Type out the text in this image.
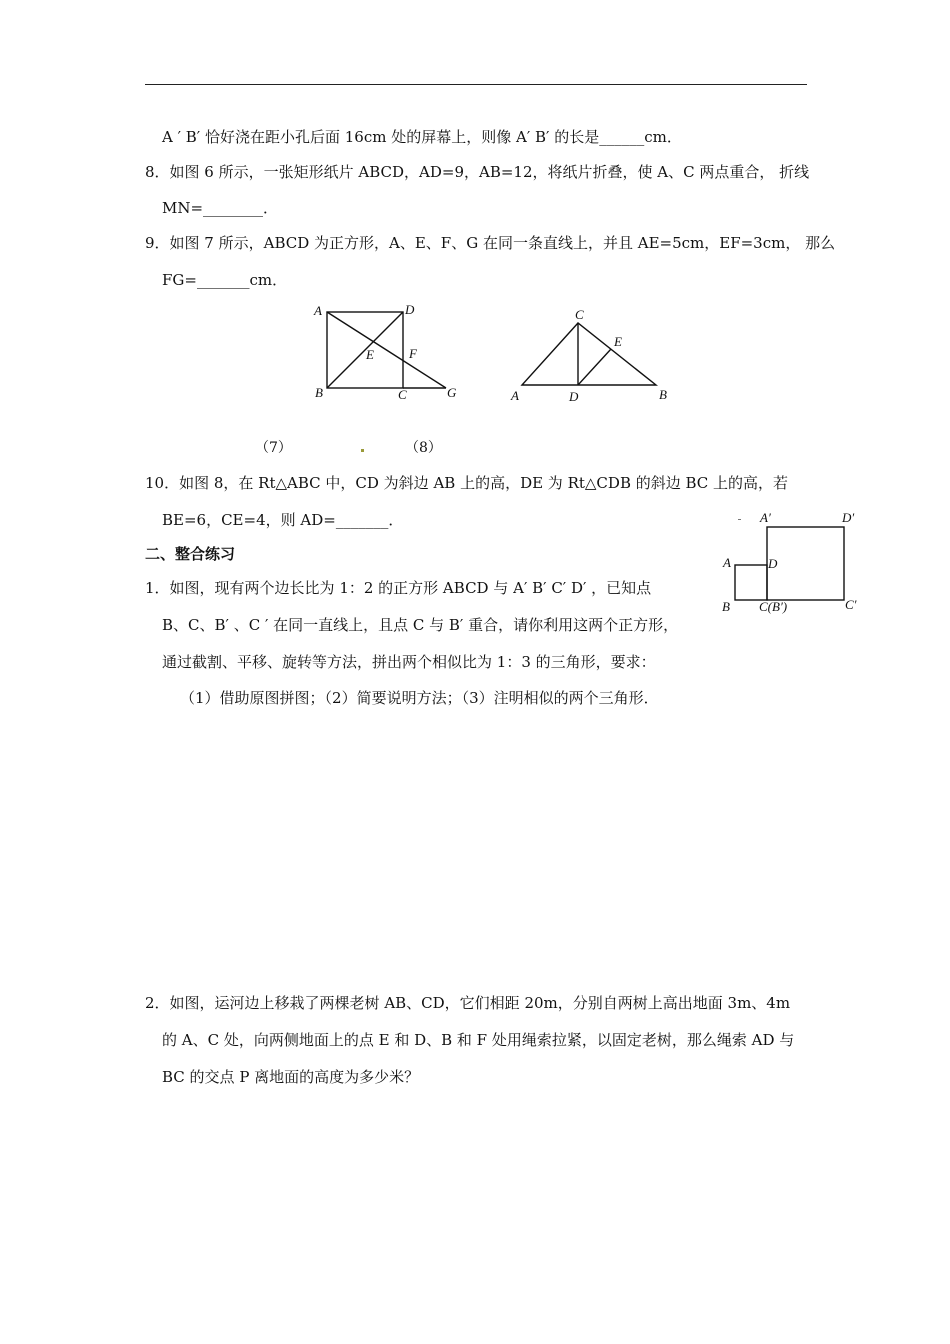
A ′ B′ 恰好浇在距小孔后面 16cm 处的屏幕上，则像 A′ B′ 的长是______cm．
8．如图 6 所示，一张矩形纸片 ABCD，AD=9，AB=12，将纸片折叠，使 A、C 两点重合， 折线
MN=________．
9．如图 7 所示，ABCD 为正方形，A、E、F、G 在同一条直线上，并且 AE=5cm，EF=3cm， 那么
FG=_______cm．
A	D
E	F
B	C	G
C
E
A	D	B
（7）	（8）
10．如图 8，在 Rt△ABC 中，CD 为斜边 AB 上的高，DE 为 Rt△CDB 的斜边 BC 上的高，若
BE=6，CE=4，则 AD=_______．
二、整合练习
1．如图，现有两个边长比为 1：2 的正方形 ABCD 与 A′ B′ C′ D′ ，已知点
B、C、B′ 、C ′ 在同一直线上，且点 C 与 B′ 重合，请你利用这两个正方形，
通过截割、平移、旋转等方法，拼出两个相似比为 1：3 的三角形，要求：
（1）借助原图拼图；（2）简要说明方法；（3）注明相似的两个三角形．
A′	D′
A	D
B C(B′)	C′
2．如图，运河边上移栽了两棵老树 AB、CD，它们相距 20m，分别自两树上高出地面 3m、4m
的 A、C 处，向两侧地面上的点 E 和 D、B 和 F 处用绳索拉紧，以固定老树，那么绳索 AD 与
BC 的交点 P 离地面的高度为多少米？
